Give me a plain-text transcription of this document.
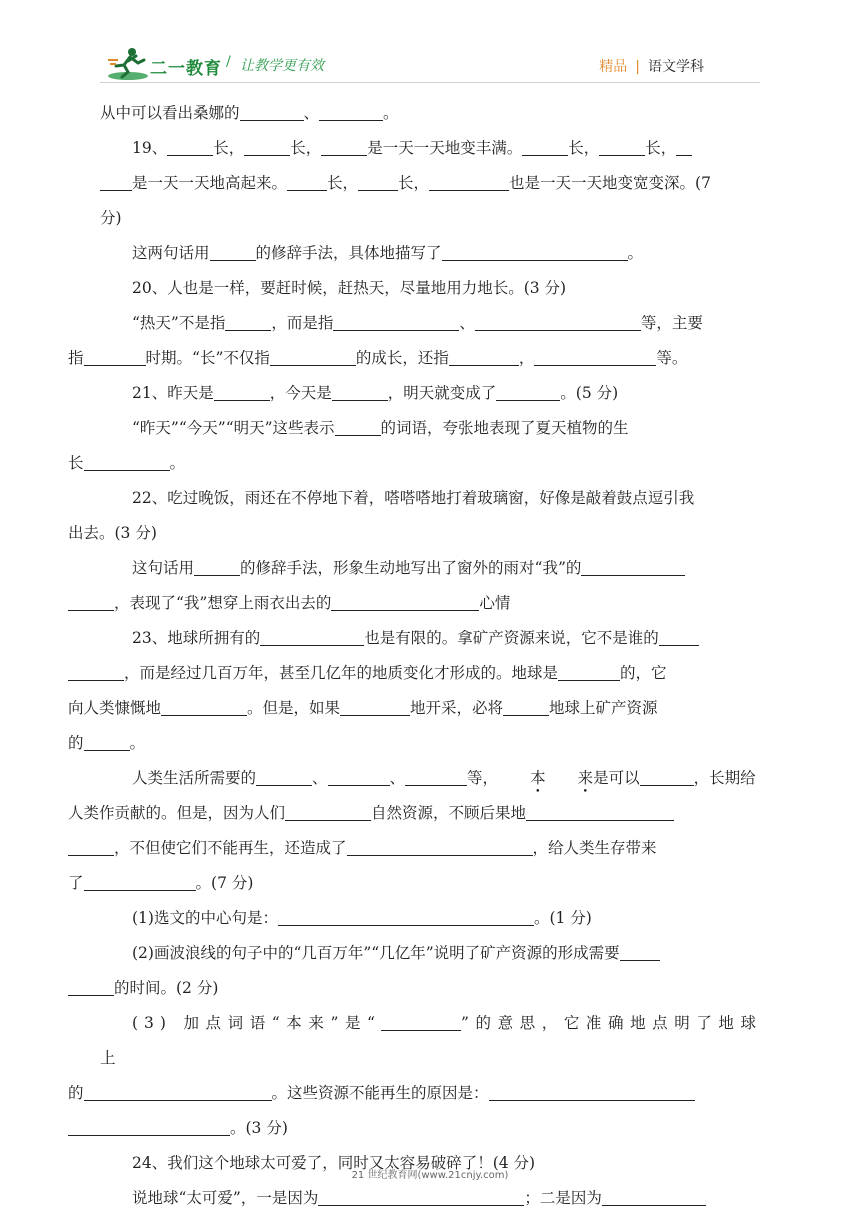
二一教育 / 让教学更有效	精品 | 语文学科

从中可以看出桑娜的	、	。

19、	长，	长，	是一天一天地变丰满。	长，	长，
是一天一天地高起来。	长，	长，	也是一天一天地变宽变深。(7
分)

这两句话用	的修辞手法，具体地描写了	。

20、人也是一样，要赶时候，赶热天，尽量地用力地长。(3 分)

“热天”不是指	，而是指	、	等，主要
指	时期。“长”不仅指	的成长，还指	，	等。

21、昨天是	，今天是	，明天就变成了	。(5 分)

“昨天”“今天”“明天”这些表示	的词语，夸张地表现了夏天植物的生
长	。

22、吃过晚饭，雨还在不停地下着，嗒嗒嗒地打着玻璃窗，好像是敲着鼓点逗引我
出去。(3 分)

这句话用	的修辞手法，形象生动地写出了窗外的雨对“我”的
，表现了“我”想穿上雨衣出去的	心情

23、地球所拥有的	也是有限的。拿矿产资源来说，它不是谁的
，而是经过几百万年，甚至几亿年的地质变化才形成的。地球是	的，它
向人类慷慨地	。但是，如果	地开采，必将	地球上矿产资源
的	。

人类生活所需要的	、	、	等， 本 来是可以	，长期给
人类作贡献的。但是，因为人们	自然资源，不顾后果地
，不但使它们不能再生，还造成了	，给人类生存带来
了	。(7 分)

(1)选文的中心句是：	。(1 分)

(2)画波浪线的句子中的“几百万年”“几亿年”说明了矿产资源的形成需要
的时间。(2 分)

(3) 加点词语“本来”是“	”的意思，它准确地点明了地球上
的	。这些资源不能再生的原因是：
。(3 分)

24、我们这个地球太可爱了，同时又太容易破碎了！(4 分)

说地球“太可爱”，一是因为	；二是因为

21 世纪教育网(www.21cnjy.com)
